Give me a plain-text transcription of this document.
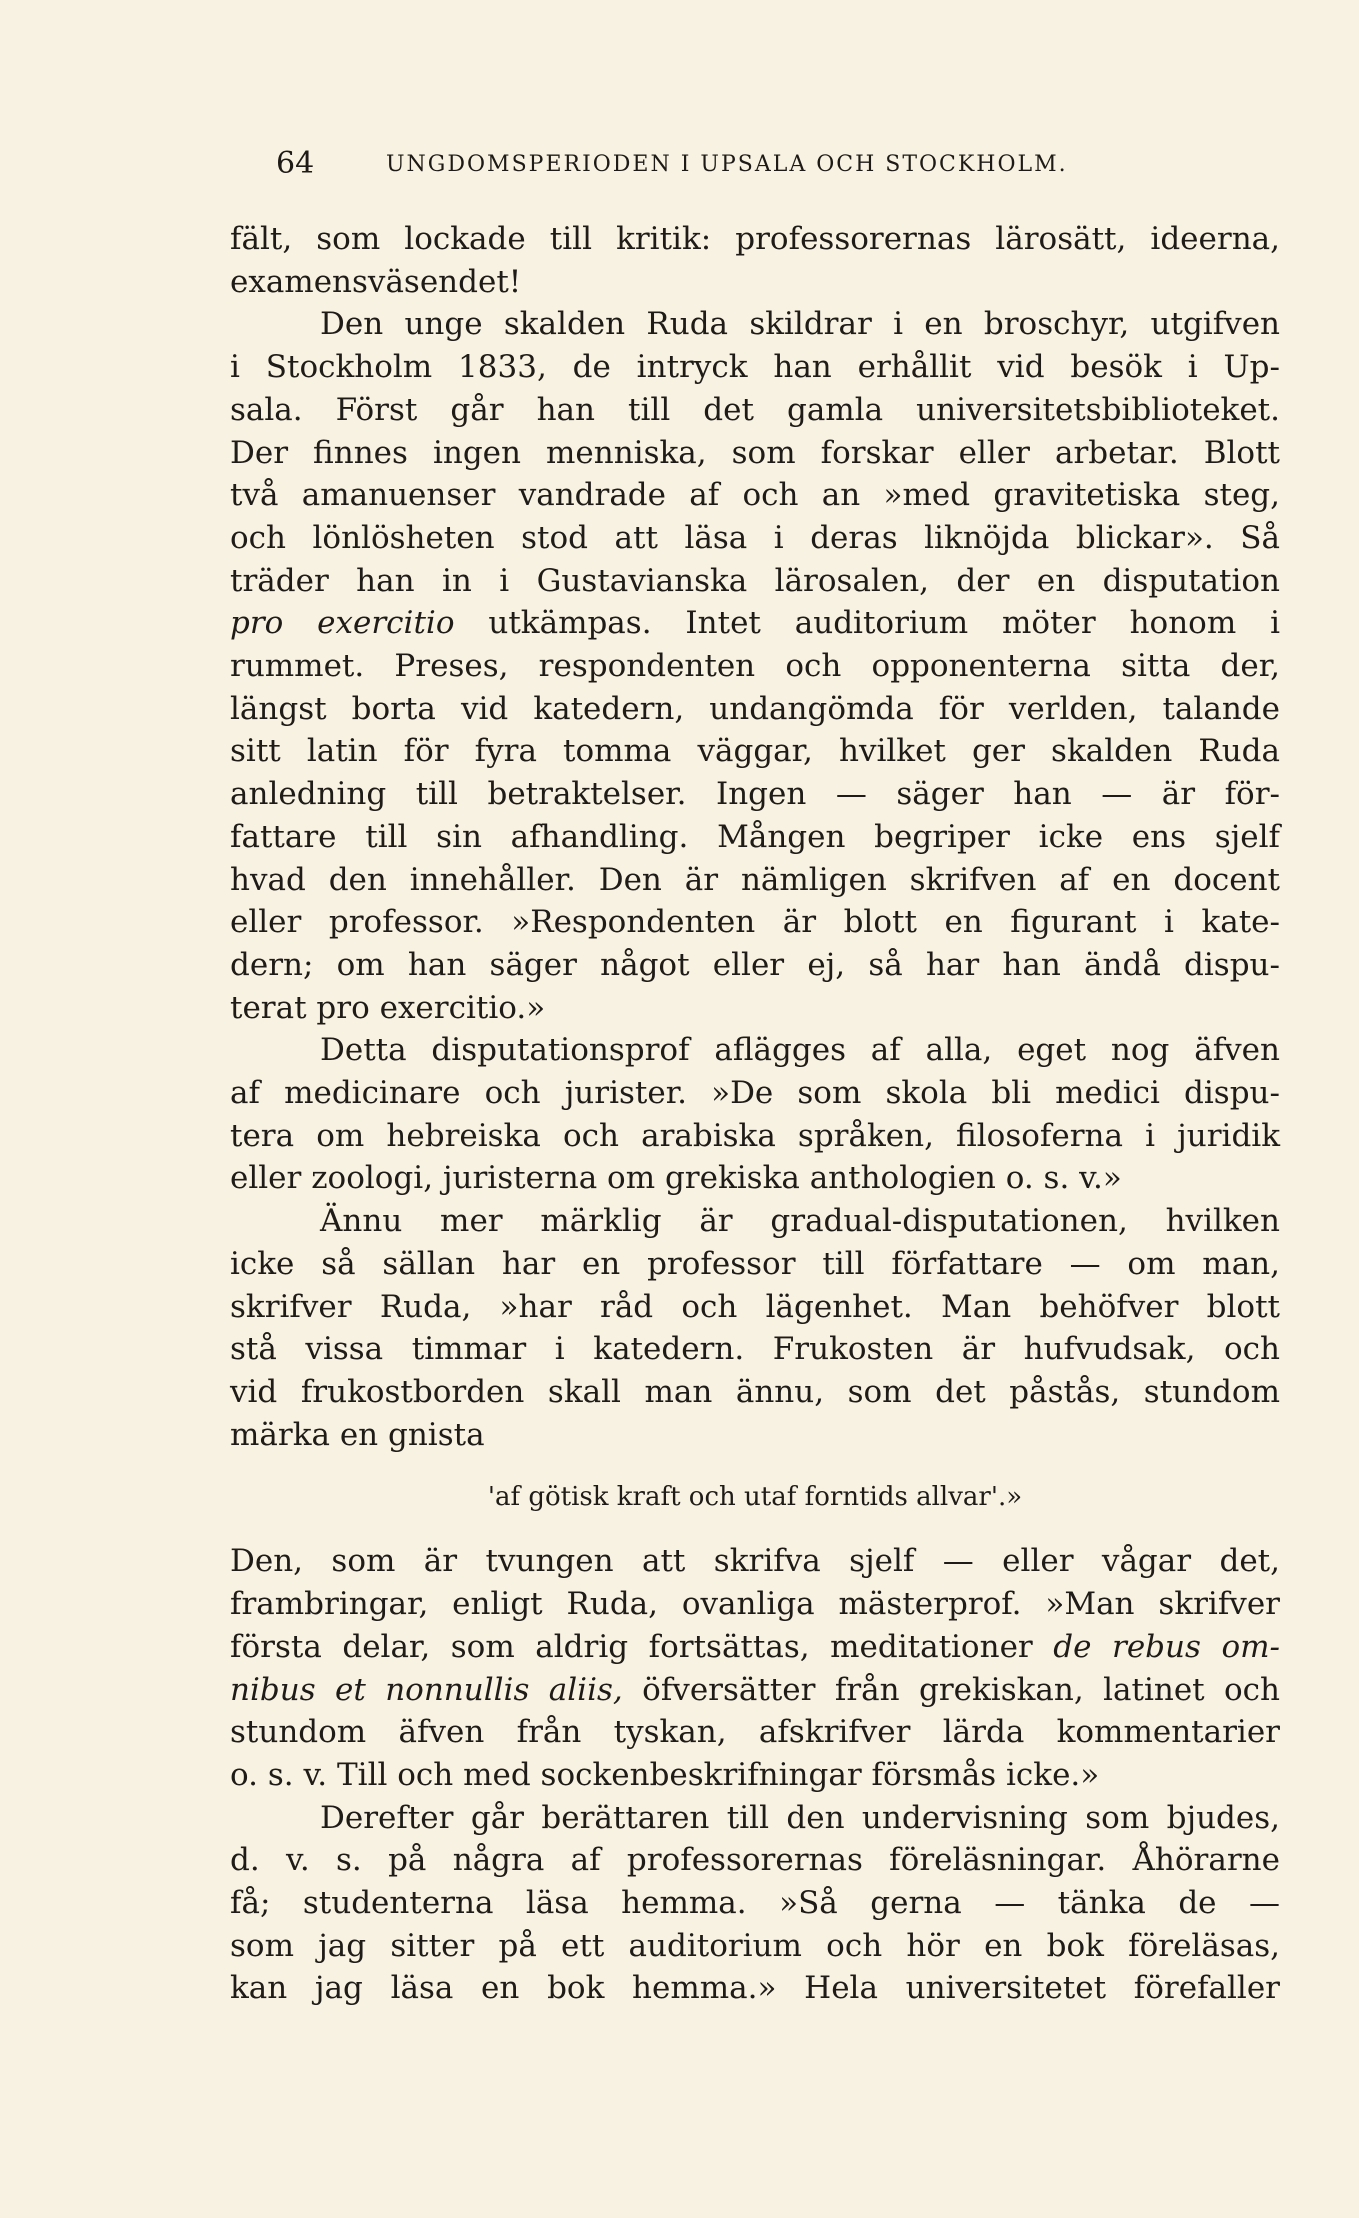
64	UNGDOMSPERIODEN I UPSALA OCH STOCKHOLM.
fält, som lockade till kritik: professorernas lärosätt, ideerna,
examensväsendet!
Den unge skalden Ruda skildrar i en broschyr, utgifven
i Stockholm 1833, de intryck han erhållit vid besök i Up-
sala. Först går han till det gamla universitetsbiblioteket.
Der finnes ingen menniska, som forskar eller arbetar. Blott
två amanuenser vandrade af och an »med gravitetiska steg,
och lönlösheten stod att läsa i deras liknöjda blickar». Så
träder han in i Gustavianska lärosalen, der en disputation
pro exercitio utkämpas. Intet auditorium möter honom i
rummet. Preses, respondenten och opponenterna sitta der,
längst borta vid katedern, undangömda för verlden, talande
sitt latin för fyra tomma väggar, hvilket ger skalden Ruda
anledning till betraktelser. Ingen — säger han — är för-
fattare till sin afhandling. Mången begriper icke ens sjelf
hvad den innehåller. Den är nämligen skrifven af en docent
eller professor. »Respondenten är blott en figurant i kate-
dern; om han säger något eller ej, så har han ändå dispu-
terat pro exercitio.»
Detta disputationsprof aflägges af alla, eget nog äfven
af medicinare och jurister. »De som skola bli medici dispu-
tera om hebreiska och arabiska språken, filosoferna i juridik
eller zoologi, juristerna om grekiska anthologien o. s. v.»
Ännu mer märklig är gradual-disputationen, hvilken
icke så sällan har en professor till författare — om man,
skrifver Ruda, »har råd och lägenhet. Man behöfver blott
stå vissa timmar i katedern. Frukosten är hufvudsak, och
vid frukostborden skall man ännu, som det påstås, stundom
märka en gnista
'af götisk kraft och utaf forntids allvar'.»
Den, som är tvungen att skrifva sjelf — eller vågar det,
frambringar, enligt Ruda, ovanliga mästerprof. »Man skrifver
första delar, som aldrig fortsättas, meditationer de rebus om-
nibus et nonnullis aliis, öfversätter från grekiskan, latinet och
stundom äfven från tyskan, afskrifver lärda kommentarier
o. s. v. Till och med sockenbeskrifningar försmås icke.»
Derefter går berättaren till den undervisning som bjudes,
d. v. s. på några af professorernas föreläsningar. Åhörarne
få; studenterna läsa hemma. »Så gerna — tänka de —
som jag sitter på ett auditorium och hör en bok föreläsas,
kan jag läsa en bok hemma.» Hela universitetet förefaller
